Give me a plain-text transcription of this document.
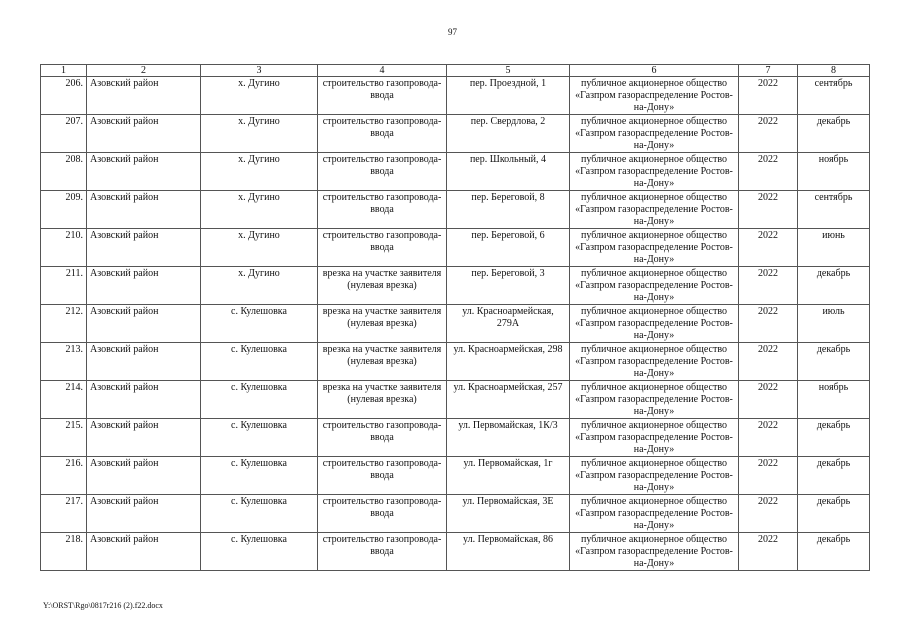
97
1	2	3	4	5	6	7	8
206.	Азовский район	х. Дугино	строительство газопровода-ввода	пер. Проездной, 1	публичное акционерное общество «Газпром газораспределение Ростов-на-Дону»	2022	сентябрь
207.	Азовский район	х. Дугино	строительство газопровода-ввода	пер. Свердлова, 2	публичное акционерное общество «Газпром газораспределение Ростов-на-Дону»	2022	декабрь
208.	Азовский район	х. Дугино	строительство газопровода-ввода	пер. Школьный, 4	публичное акционерное общество «Газпром газораспределение Ростов-на-Дону»	2022	ноябрь
209.	Азовский район	х. Дугино	строительство газопровода-ввода	пер. Береговой, 8	публичное акционерное общество «Газпром газораспределение Ростов-на-Дону»	2022	сентябрь
210.	Азовский район	х. Дугино	строительство газопровода-ввода	пер. Береговой, 6	публичное акционерное общество «Газпром газораспределение Ростов-на-Дону»	2022	июнь
211.	Азовский район	х. Дугино	врезка на участке заявителя (нулевая врезка)	пер. Береговой, 3	публичное акционерное общество «Газпром газораспределение Ростов-на-Дону»	2022	декабрь
212.	Азовский район	с. Кулешовка	врезка на участке заявителя (нулевая врезка)	ул. Красноармейская, 279А	публичное акционерное общество «Газпром газораспределение Ростов-на-Дону»	2022	июль
213.	Азовский район	с. Кулешовка	врезка на участке заявителя (нулевая врезка)	ул. Красноармейская, 298	публичное акционерное общество «Газпром газораспределение Ростов-на-Дону»	2022	декабрь
214.	Азовский район	с. Кулешовка	врезка на участке заявителя (нулевая врезка)	ул. Красноармейская, 257	публичное акционерное общество «Газпром газораспределение Ростов-на-Дону»	2022	ноябрь
215.	Азовский район	с. Кулешовка	строительство газопровода-ввода	ул. Первомайская, 1К/3	публичное акционерное общество «Газпром газораспределение Ростов-на-Дону»	2022	декабрь
216.	Азовский район	с. Кулешовка	строительство газопровода-ввода	ул. Первомайская, 1г	публичное акционерное общество «Газпром газораспределение Ростов-на-Дону»	2022	декабрь
217.	Азовский район	с. Кулешовка	строительство газопровода-ввода	ул. Первомайская, 3Е	публичное акционерное общество «Газпром газораспределение Ростов-на-Дону»	2022	декабрь
218.	Азовский район	с. Кулешовка	строительство газопровода-ввода	ул. Первомайская, 86	публичное акционерное общество «Газпром газораспределение Ростов-на-Дону»	2022	декабрь
Y:\ORST\Rgo\0817r216 (2).f22.docx
